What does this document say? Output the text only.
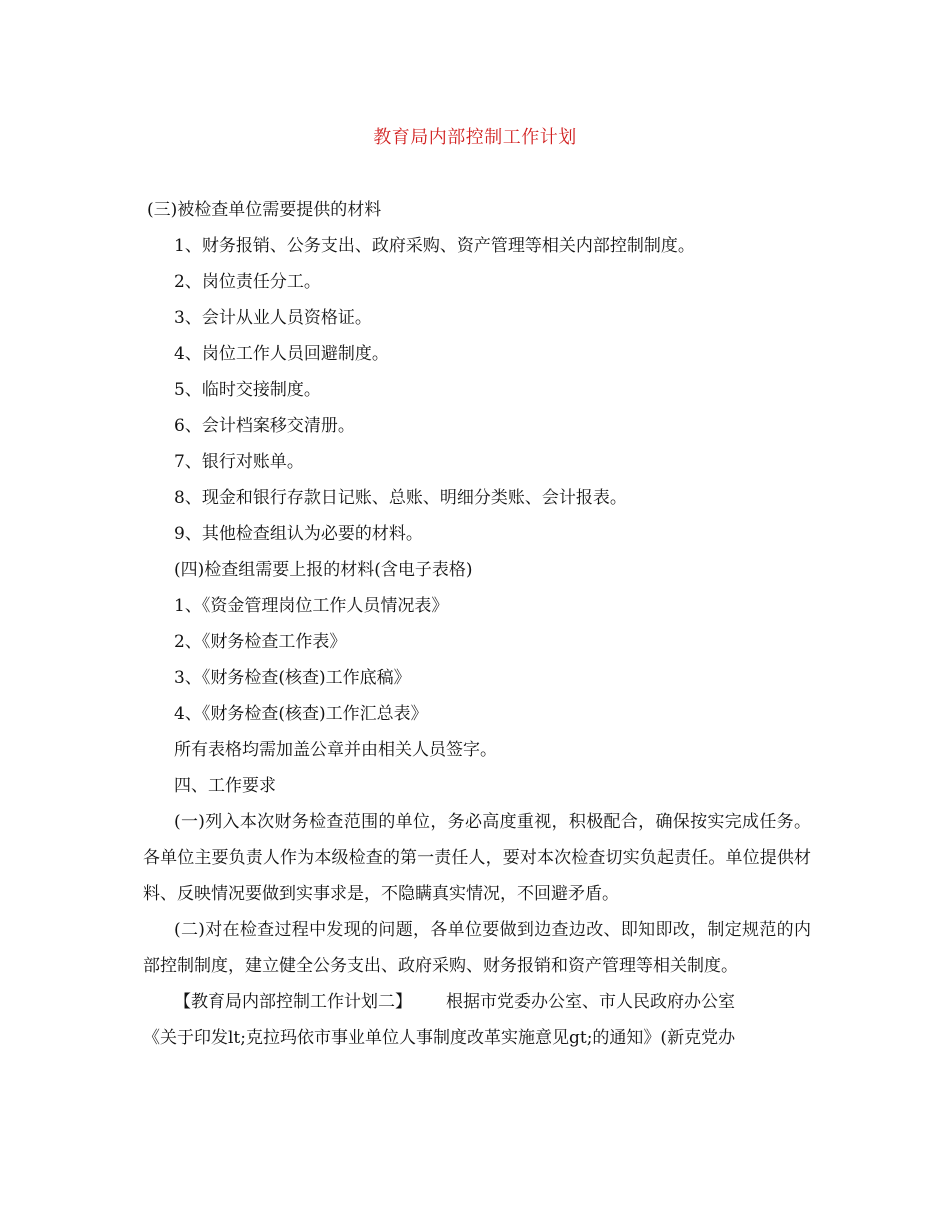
教育局内部控制工作计划
(三)被检查单位需要提供的材料
1、财务报销、公务支出、政府采购、资产管理等相关内部控制制度。
2、岗位责任分工。
3、会计从业人员资格证。
4、岗位工作人员回避制度。
5、临时交接制度。
6、会计档案移交清册。
7、银行对账单。
8、现金和银行存款日记账、总账、明细分类账、会计报表。
9、其他检查组认为必要的材料。
(四)检查组需要上报的材料(含电子表格)
1、《资金管理岗位工作人员情况表》
2、《财务检查工作表》
3、《财务检查(核查)工作底稿》
4、《财务检查(核查)工作汇总表》
所有表格均需加盖公章并由相关人员签字。
四、工作要求

(一)列入本次财务检查范围的单位，务必高度重视，积极配合，确保按实完成任务。各单位主要负责人作为本级检查的第一责任人，要对本次检查切实负起责任。单位提供材料、反映情况要做到实事求是，不隐瞒真实情况，不回避矛盾。

(二)对在检查过程中发现的问题，各单位要做到边查边改、即知即改，制定规范的内部控制制度，建立健全公务支出、政府采购、财务报销和资产管理等相关制度。

【教育局内部控制工作计划二】 根据市党委办公室、市人民政府办公室
《关于印发lt;克拉玛依市事业单位人事制度改革实施意见gt;的通知》(新克党办
